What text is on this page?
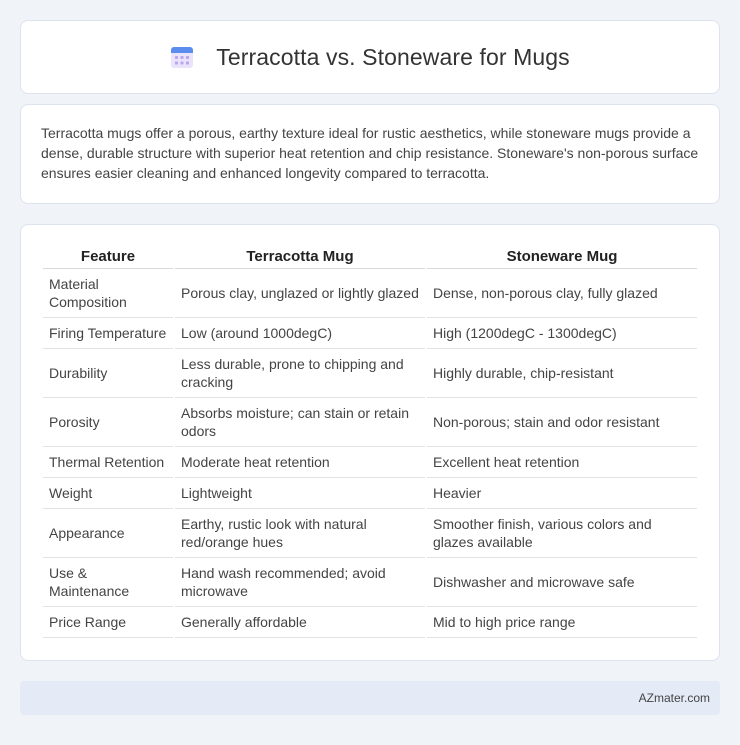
Terracotta vs. Stoneware for Mugs

Terracotta mugs offer a porous, earthy texture ideal for rustic aesthetics, while stoneware mugs provide a dense, durable structure with superior heat retention and chip resistance. Stoneware's non-porous surface ensures easier cleaning and enhanced longevity compared to terracotta.

Feature	Terracotta Mug	Stoneware Mug
Material Composition	Porous clay, unglazed or lightly glazed	Dense, non-porous clay, fully glazed
Firing Temperature	Low (around 1000degC)	High (1200degC - 1300degC)
Durability	Less durable, prone to chipping and cracking	Highly durable, chip-resistant
Porosity	Absorbs moisture; can stain or retain odors	Non-porous; stain and odor resistant
Thermal Retention	Moderate heat retention	Excellent heat retention
Weight	Lightweight	Heavier
Appearance	Earthy, rustic look with natural red/orange hues	Smoother finish, various colors and glazes available
Use & Maintenance	Hand wash recommended; avoid microwave	Dishwasher and microwave safe
Price Range	Generally affordable	Mid to high price range
AZmater.com
